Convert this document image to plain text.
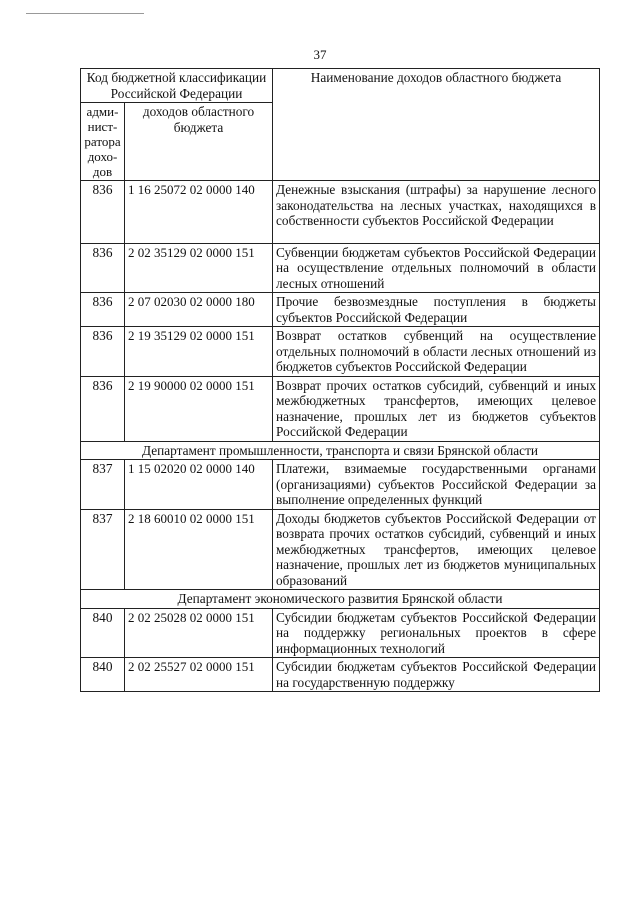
37
Код бюджетной классификации Российской Федерации		Наименование доходов областного бюджета
адми-нист-ратора дохо-дов	доходов областного бюджета	
836	1 16 25072 02 0000 140	Денежные взыскания (штрафы) за нарушение лесного законодательства на лесных участках, находящихся в собственности субъектов Российской Федерации
836	2 02 35129 02 0000 151	Субвенции бюджетам субъектов Российской Федерации на осуществление отдельных полномочий в области лесных отношений
836	2 07 02030 02 0000 180	Прочие безвозмездные поступления в бюджеты субъектов Российской Федерации
836	2 19 35129 02 0000 151	Возврат остатков субвенций на осуществление отдельных полномочий в области лесных отношений из бюджетов субъектов Российской Федерации
836	2 19 90000 02 0000 151	Возврат прочих остатков субсидий, субвенций и иных межбюджетных трансфертов, имеющих целевое назначение, прошлых лет из бюджетов субъектов Российской Федерации
Департамент промышленности, транспорта и связи Брянской области		
837	1 15 02020 02 0000 140	Платежи, взимаемые государственными органами (организациями) субъектов Российской Федерации за выполнение определенных функций
837	2 18 60010 02 0000 151	Доходы бюджетов субъектов Российской Федерации от возврата прочих остатков субсидий, субвенций и иных межбюджетных трансфертов, имеющих целевое назначение, прошлых лет из бюджетов муниципальных образований
Департамент экономического развития Брянской области		
840	2 02 25028 02 0000 151	Субсидии бюджетам субъектов Российской Федерации на поддержку региональных проектов в сфере информационных технологий
840	2 02 25527 02 0000 151	Субсидии бюджетам субъектов Российской Федерации на государственную поддержку
